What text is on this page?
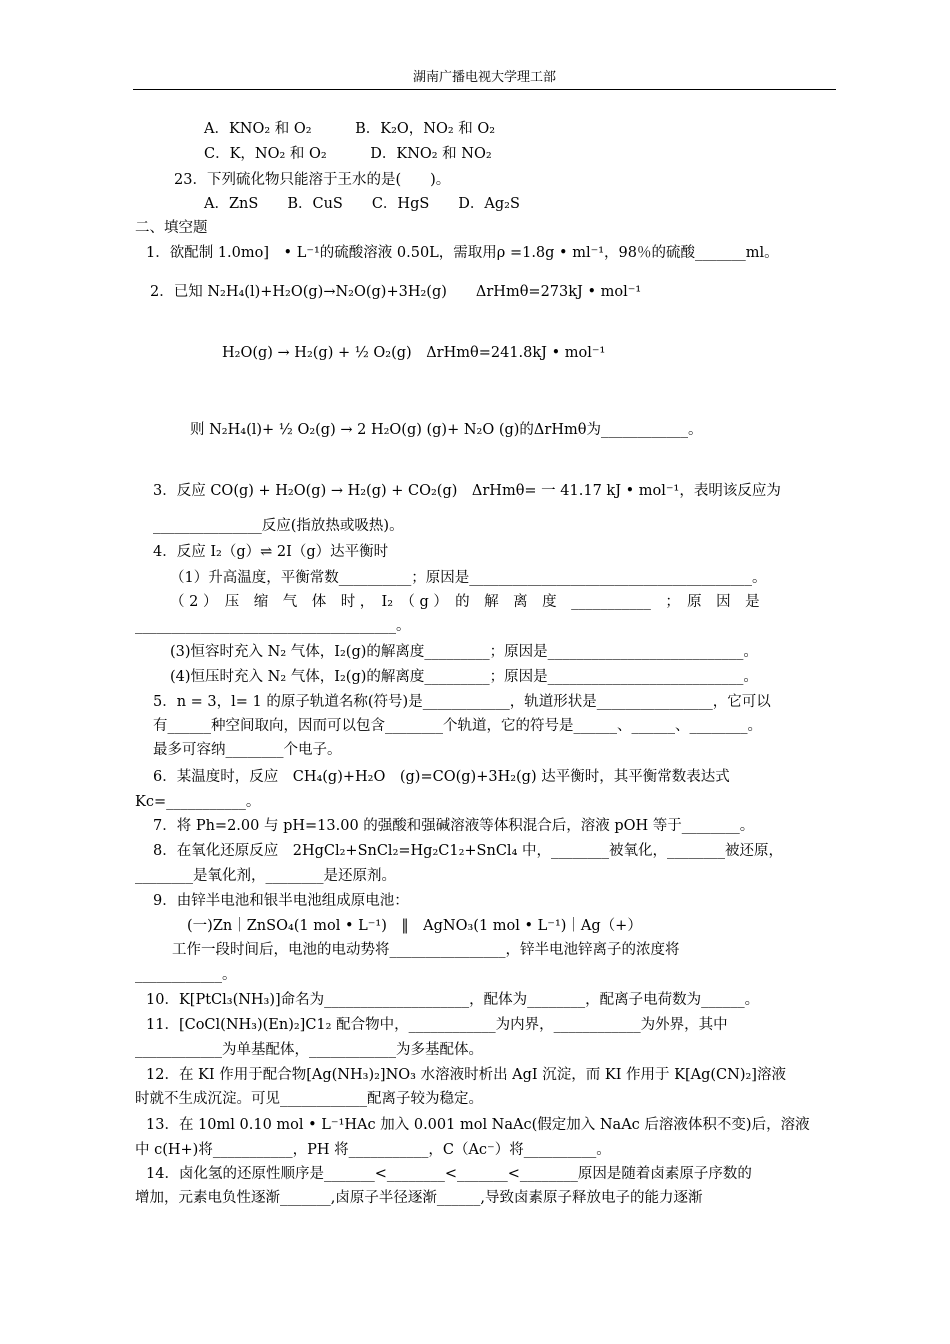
湖南广播电视大学理工部
A．KNO₂ 和 O₂　　　B．K₂O，NO₂ 和 O₂
C．K，NO₂ 和 O₂　　　D．KNO₂ 和 NO₂
23．下列硫化物只能溶于王水的是(　　)。
A．ZnS　　B．CuS　　C．HgS　　D．Ag₂S
二、填空题
1．欲配制 1.0mo]　• L⁻¹的硫酸溶液 0.50L，需取用ρ =1.8g • ml⁻¹，98％的硫酸_______ml。
2．已知 N₂H₄(l)+H₂O(g)→N₂O(g)+3H₂(g)　　ΔrHmθ=273kJ • mol⁻¹
H₂O(g) → H₂(g) + ½ O₂(g)　ΔrHmθ=241.8kJ • mol⁻¹
则 N₂H₄(l)+ ½ O₂(g) → 2 H₂O(g) (g)+ N₂O (g)的ΔrHmθ为____________。
3．反应 CO(g) + H₂O(g) → H₂(g) + CO₂(g)　ΔrHmθ= 一 41.17 kJ • mol⁻¹，表明该反应为
_______________反应(指放热或吸热)。
4．反应 I₂（g）⇌ 2I（g）达平衡时
（1）升高温度，平衡常数__________；原因是_______________________________________。
（ 2 ）　压　缩　气　体　时 ，　I₂　（ g ）　的　解　离　度　___________　；　原　因　是
____________________________________。
(3)恒容时充入 N₂ 气体，I₂(g)的解离度_________；原因是___________________________。
(4)恒压时充入 N₂ 气体，I₂(g)的解离度_________；原因是___________________________。
5．n = 3，l= 1 的原子轨道名称(符号)是____________，轨道形状是________________，它可以
有______种空间取向，因而可以包含________个轨道，它的符号是______、______、________。
最多可容纳________个电子。
6．某温度时，反应　CH₄(g)+H₂O　(g)=CO(g)+3H₂(g) 达平衡时，其平衡常数表达式
Kc=___________。
7．将 Ph=2.00 与 pH=13.00 的强酸和强碱溶液等体积混合后，溶液 pOH 等于________。
8．在氧化还原反应　2HgCl₂+SnCl₂=Hg₂C1₂+SnCl₄ 中，________被氧化，________被还原，
________是氧化剂，________是还原剂。
9．由锌半电池和银半电池组成原电池：
(一)Zn｜ZnSO₄(1 mol • L⁻¹)　‖　AgNO₃(1 mol • L⁻¹)｜Ag（+）
工作一段时间后，电池的电动势将________________，锌半电池锌离子的浓度将
____________。
10．K[PtCl₃(NH₃)]命名为____________________，配体为________，配离子电荷数为______。
11．[CoCl(NH₃)(En)₂]C1₂ 配合物中，____________为内界，____________为外界，其中
____________为单基配体，____________为多基配体。
12．在 KI 作用于配合物[Ag(NH₃)₂]NO₃ 水溶液时析出 AgI 沉淀，而 KI 作用于 K[Ag(CN)₂]溶液
时就不生成沉淀。可见____________配离子较为稳定。
13．在 10ml 0.10 mol • L⁻¹HAc 加入 0.001 mol NaAc(假定加入 NaAc 后溶液体积不变)后，溶液
中 c(H+)将___________，PH 将___________，C（Ac⁻）将__________。
14．卤化氢的还原性顺序是_______<________<_______<________原因是随着卤素原子序数的
增加，元素电负性逐渐_______,卤原子半径逐渐______,导致卤素原子释放电子的能力逐渐
